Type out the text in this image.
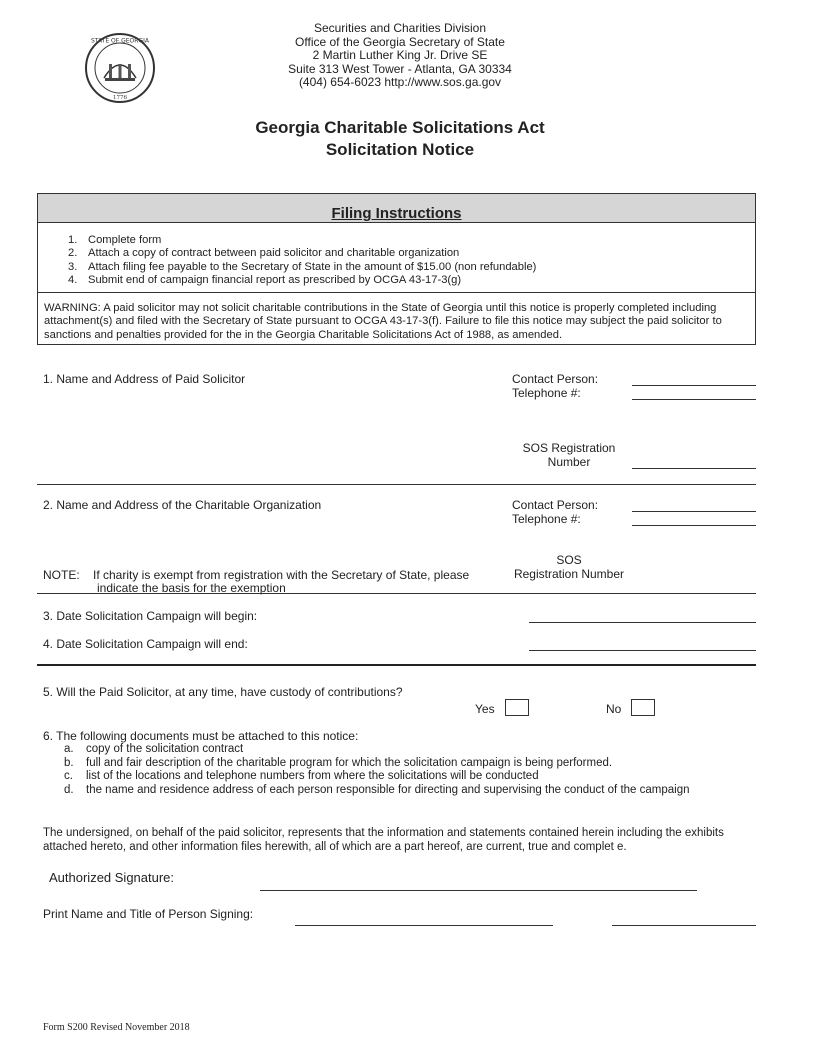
STATE OF GEORGIA
1776
Securities and Charities Division
Office of the Georgia Secretary of State
2 Martin Luther King Jr. Drive SE
Suite 313 West Tower - Atlanta, GA 30334
(404) 654-6023 http://www.sos.ga.gov
Georgia Charitable Solicitations Act
Solicitation Notice
Filing Instructions
1. Complete form
2. Attach a copy of contract between paid solicitor and charitable organization
3. Attach filing fee payable to the Secretary of State in the amount of $15.00 (non refundable)
4. Submit end of campaign financial report as prescribed by OCGA 43-17-3(g)
WARNING: A paid solicitor may not solicit charitable contributions in the State of Georgia until this notice is properly completed including attachment(s) and filed with the Secretary of State pursuant to OCGA 43-17-3(f). Failure to file this notice may subject the paid solicitor to sanctions and penalties provided for the in the Georgia Charitable Solicitations Act of 1988, as amended.
1. Name and Address of Paid Solicitor	Contact Person:
Telephone #:
SOS Registration
Number
2. Name and Address of the Charitable Organization	Contact Person:
Telephone #:
SOS
Registration Number
NOTE: If charity is exempt from registration with the Secretary of State, please
indicate the basis for the exemption
3. Date Solicitation Campaign will begin:
4. Date Solicitation Campaign will end:
5. Will the Paid Solicitor, at any time, have custody of contributions?
Yes	No
6. The following documents must be attached to this notice:
a.	copy of the solicitation contract
b.	full and fair description of the charitable program for which the solicitation campaign is being performed.
c.	list of the locations and telephone numbers from where the solicitations will be conducted
d.	the name and residence address of each person responsible for directing and supervising the conduct of the campaign
The undersigned, on behalf of the paid solicitor, represents that the information and statements contained herein including the exhibits attached hereto, and other information files herewith, all of which are a part hereof, are current, true and complet e.
Authorized Signature:
Print Name and Title of Person Signing:
Form S200 Revised November 2018
